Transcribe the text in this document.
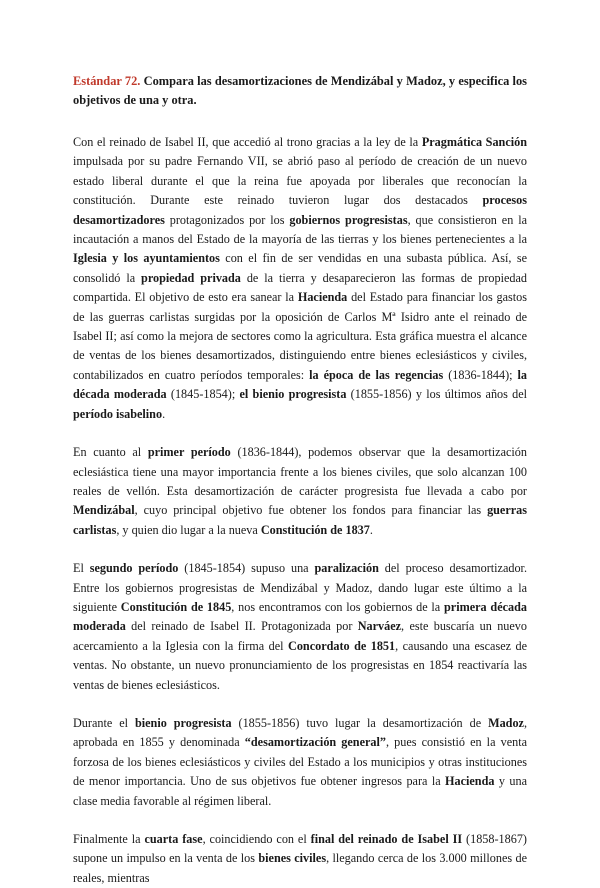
Estándar 72. Compara las desamortizaciones de Mendizábal y Madoz, y especifica los objetivos de una y otra.

Con el reinado de Isabel II, que accedió al trono gracias a la ley de la Pragmática Sanción impulsada por su padre Fernando VII, se abrió paso al período de creación de un nuevo estado liberal durante el que la reina fue apoyada por liberales que reconocían la constitución. Durante este reinado tuvieron lugar dos destacados procesos desamortizadores protagonizados por los gobiernos progresistas, que consistieron en la incautación a manos del Estado de la mayoría de las tierras y los bienes pertenecientes a la Iglesia y los ayuntamientos con el fin de ser vendidas en una subasta pública. Así, se consolidó la propiedad privada de la tierra y desaparecieron las formas de propiedad compartida. El objetivo de esto era sanear la Hacienda del Estado para financiar los gastos de las guerras carlistas surgidas por la oposición de Carlos Mª Isidro ante el reinado de Isabel II; así como la mejora de sectores como la agricultura. Esta gráfica muestra el alcance de ventas de los bienes desamortizados, distinguiendo entre bienes eclesiásticos y civiles, contabilizados en cuatro períodos temporales: la época de las regencias (1836-1844); la década moderada (1845-1854); el bienio progresista (1855-1856) y los últimos años del período isabelino.

En cuanto al primer período (1836-1844), podemos observar que la desamortización eclesiástica tiene una mayor importancia frente a los bienes civiles, que solo alcanzan 100 reales de vellón. Esta desamortización de carácter progresista fue llevada a cabo por Mendizábal, cuyo principal objetivo fue obtener los fondos para financiar las guerras carlistas, y quien dio lugar a la nueva Constitución de 1837.

El segundo período (1845-1854) supuso una paralización del proceso desamortizador. Entre los gobiernos progresistas de Mendizábal y Madoz, dando lugar este último a la siguiente Constitución de 1845, nos encontramos con los gobiernos de la primera década moderada del reinado de Isabel II. Protagonizada por Narváez, este buscaría un nuevo acercamiento a la Iglesia con la firma del Concordato de 1851, causando una escasez de ventas. No obstante, un nuevo pronunciamiento de los progresistas en 1854 reactivaría las ventas de bienes eclesiásticos.

Durante el bienio progresista (1855-1856) tuvo lugar la desamortización de Madoz, aprobada en 1855 y denominada “desamortización general”, pues consistió en la venta forzosa de los bienes eclesiásticos y civiles del Estado a los municipios y otras instituciones de menor importancia. Uno de sus objetivos fue obtener ingresos para la Hacienda y una clase media favorable al régimen liberal.

Finalmente la cuarta fase, coincidiendo con el final del reinado de Isabel II (1858-1867) supone un impulso en la venta de los bienes civiles, llegando cerca de los 3.000 millones de reales, mientras
